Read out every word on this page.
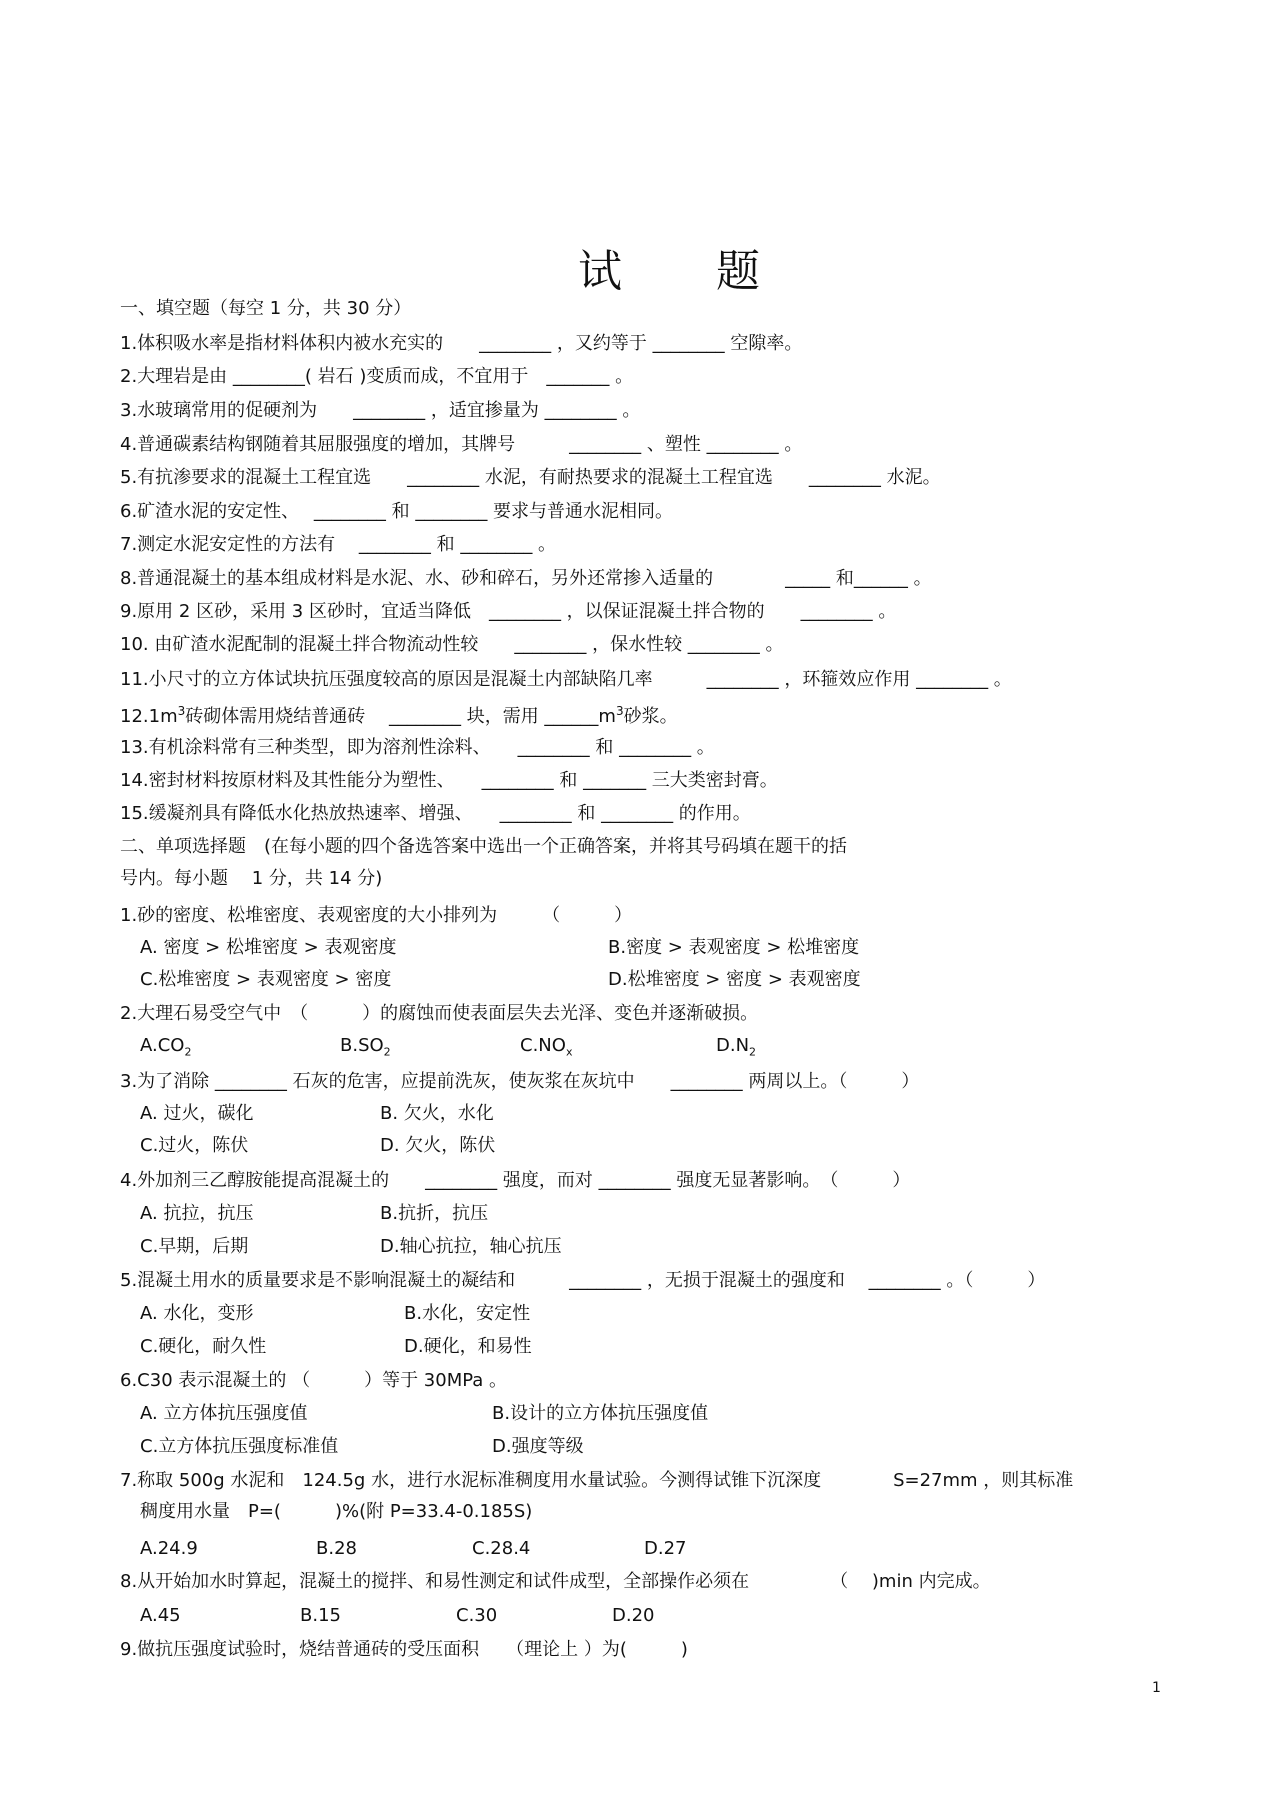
试 题
一、填空题（每空 1 分，共 30 分）
1.体积吸水率是指材料体积内被水充实的　　________ ，又约等于 ________ 空隙率。
2.大理岩是由 ________( 岩石 )变质而成，不宜用于　_______ 。
3.水玻璃常用的促硬剂为　　________ ，适宜掺量为 ________ 。
4.普通碳素结构钢随着其屈服强度的增加，其牌号　　　________ 、塑性 ________ 。
5.有抗渗要求的混凝土工程宜选　　________ 水泥，有耐热要求的混凝土工程宜选　　________ 水泥。
6.矿渣水泥的安定性、　 ________ 和 ________ 要求与普通水泥相同。
7.测定水泥安定性的方法有　 ________ 和 ________ 。
8.普通混凝土的基本组成材料是水泥、水、砂和碎石，另外还常掺入适量的　　　　_____ 和______ 。
9.原用 2 区砂，采用 3 区砂时，宜适当降低　________ ，以保证混凝土拌合物的　　________ 。
10. 由矿渣水泥配制的混凝土拌合物流动性较　　________ ，保水性较 ________ 。
11.小尺寸的立方体试块抗压强度较高的原因是混凝土内部缺陷几率　　　________ ，环箍效应作用 ________ 。
$12.1m^3$砖砌体需用烧结普通砖　 ________ 块，需用 $\_\_\_\_\_\_m^3$砂浆。
13.有机涂料常有三种类型，即为溶剂性涂料、　　________ 和 ________ 。
14.密封材料按原材料及其性能分为塑性、　　________ 和 _______ 三大类密封膏。
15.缓凝剂具有降低水化热放热速率、增强、　　________ 和 ________ 的作用。
二、单项选择题　(在每小题的四个备选答案中选出一个正确答案，并将其号码填在题干的括
号内。每小题　 1 分，共 14 分)
1.砂的密度、松堆密度、表观密度的大小排列为　　　（　　　）
A. 密度 > 松堆密度 > 表观密度	B.密度 > 表观密度 > 松堆密度
C.松堆密度 > 表观密度 > 密度	D.松堆密度 > 密度 > 表观密度
2.大理石易受空气中　（　　　）的腐蚀而使表面层失去光泽、变色并逐渐破损。
$A.CO_2$	$B.SO_2$	$C.NO_x$	$D.N_2$
3.为了消除 ________ 石灰的危害，应提前洗灰，使灰浆在灰坑中　　________ 两周以上。（　　　）
A. 过火，碳化	B. 欠火，水化
C.过火，陈伏	D. 欠火，陈伏
4.外加剂三乙醇胺能提高混凝土的　　________ 强度，而对 ________ 强度无显著影响。　（　　　）
A. 抗拉，抗压	B.抗折，抗压
C.早期，后期	D.轴心抗拉，轴心抗压
5.混凝土用水的质量要求是不影响混凝土的凝结和　　　________ ，无损于混凝土的强度和　 ________ 。（　　　）
A. 水化，变形	B.水化，安定性
C.硬化，耐久性	D.硬化，和易性
6.C30 表示混凝土的 （　　　）等于 30MPa 。
A. 立方体抗压强度值	B.设计的立方体抗压强度值
C.立方体抗压强度标准值	D.强度等级
7.称取 500g 水泥和　124.5g 水，进行水泥标准稠度用水量试验。今测得试锥下沉深度　　　　S=27mm ，则其标准
稠度用水量　P=(　　　)%(附 P=33.4-0.185S)
A.24.9	B.28	C.28.4	D.27
8.从开始加水时算起，混凝土的搅拌、和易性测定和试件成型，全部操作必须在　　　　　（　 )min 内完成。
A.45	B.15	C.30	D.20
9.做抗压强度试验时，烧结普通砖的受压面积　　（理论上 ）为(　　　)
1
